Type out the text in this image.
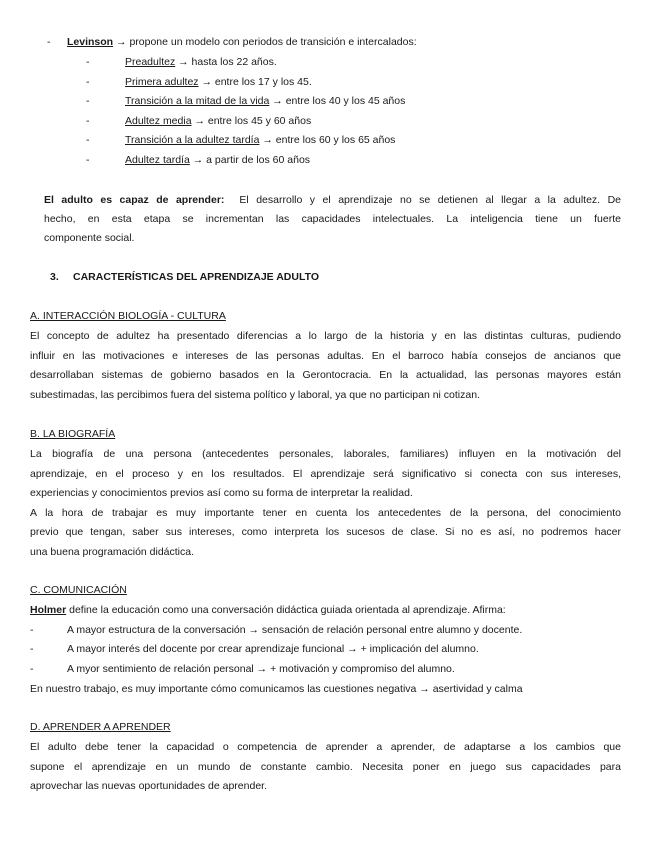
- Levinson → propone un modelo con periodos de transición e intercalados:
-	Preadultez → hasta los 22 años.
-	Primera adultez → entre los 17 y los 45.
-	Transición a la mitad de la vida → entre los 40 y los 45 años
-	Adultez media → entre los 45 y 60 años
-	Transición a la adultez tardía → entre los 60 y los 65 años
-	Adultez tardía → a partir de los 60 años
El adulto es capaz de aprender: El desarrollo y el aprendizaje no se detienen al llegar a la adultez. De
hecho, en esta etapa se incrementan las capacidades intelectuales. La inteligencia tiene un fuerte
componente social.
3. CARACTERÍSTICAS DEL APRENDIZAJE ADULTO
A. INTERACCIÓN BIOLOGÍA - CULTURA
El concepto de adultez ha presentado diferencias a lo largo de la historia y en las distintas culturas, pudiendo
influir en las motivaciones e intereses de las personas adultas. En el barroco había consejos de ancianos que
desarrollaban sistemas de gobierno basados en la Gerontocracia. En la actualidad, las personas mayores están
subestimadas, las percibimos fuera del sistema político y laboral, ya que no participan ni cotizan.
B. LA BIOGRAFÍA
La biografía de una persona (antecedentes personales, laborales, familiares) influyen en la motivación del
aprendizaje, en el proceso y en los resultados. El aprendizaje será significativo si conecta con sus intereses,
experiencias y conocimientos previos así como su forma de interpretar la realidad.
A la hora de trabajar es muy importante tener en cuenta los antecedentes de la persona, del conocimiento
previo que tengan, saber sus intereses, como interpreta los sucesos de clase. Si no es así, no podremos hacer
una buena programación didáctica.
C. COMUNICACIÓN
Holmer define la educación como una conversación didáctica guiada orientada al aprendizaje. Afirma:
-	A mayor estructura de la conversación → sensación de relación personal entre alumno y docente.
-	A mayor interés del docente por crear aprendizaje funcional → + implicación del alumno.
-	A myor sentimiento de relación personal → + motivación y compromiso del alumno.
En nuestro trabajo, es muy importante cómo comunicamos las cuestiones negativa → asertividad y calma
D. APRENDER A APRENDER
El adulto debe tener la capacidad o competencia de aprender a aprender, de adaptarse a los cambios que
supone el aprendizaje en un mundo de constante cambio. Necesita poner en juego sus capacidades para
aprovechar las nuevas oportunidades de aprender.
